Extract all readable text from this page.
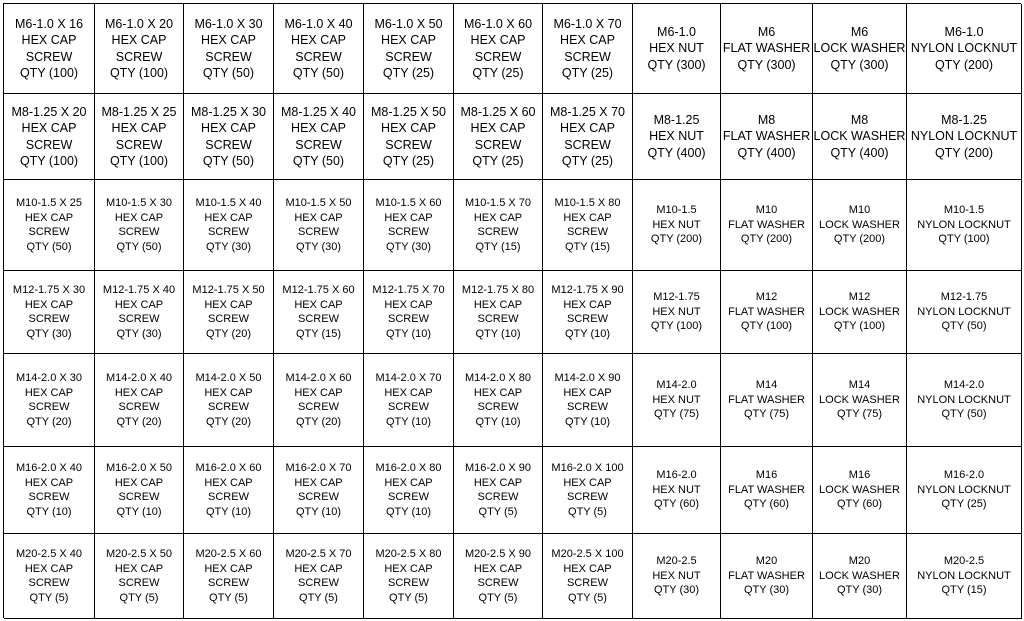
M6-1.0 X 16
HEX CAP
SCREW
QTY (100)
M6-1.0 X 20
HEX CAP
SCREW
QTY (100)
M6-1.0 X 30
HEX CAP
SCREW
QTY (50)
M6-1.0 X 40
HEX CAP
SCREW
QTY (50)
M6-1.0 X 50
HEX CAP
SCREW
QTY (25)
M6-1.0 X 60
HEX CAP
SCREW
QTY (25)
M6-1.0 X 70
HEX CAP
SCREW
QTY (25)
M6-1.0
HEX NUT
QTY (300)
M6
FLAT WASHER
QTY (300)
M6
LOCK WASHER
QTY (300)
M6-1.0
NYLON LOCKNUT
QTY (200)
M8-1.25 X 20
HEX CAP
SCREW
QTY (100)
M8-1.25 X 25
HEX CAP
SCREW
QTY (100)
M8-1.25 X 30
HEX CAP
SCREW
QTY (50)
M8-1.25 X 40
HEX CAP
SCREW
QTY (50)
M8-1.25 X 50
HEX CAP
SCREW
QTY (25)
M8-1.25 X 60
HEX CAP
SCREW
QTY (25)
M8-1.25 X 70
HEX CAP
SCREW
QTY (25)
M8-1.25
HEX NUT
QTY (400)
M8
FLAT WASHER
QTY (400)
M8
LOCK WASHER
QTY (400)
M8-1.25
NYLON LOCKNUT
QTY (200)
M10-1.5 X 25
HEX CAP
SCREW
QTY (50)
M10-1.5 X 30
HEX CAP
SCREW
QTY (50)
M10-1.5 X 40
HEX CAP
SCREW
QTY (30)
M10-1.5 X 50
HEX CAP
SCREW
QTY (30)
M10-1.5 X 60
HEX CAP
SCREW
QTY (30)
M10-1.5 X 70
HEX CAP
SCREW
QTY (15)
M10-1.5 X 80
HEX CAP
SCREW
QTY (15)
M10-1.5
HEX NUT
QTY (200)
M10
FLAT WASHER
QTY (200)
M10
LOCK WASHER
QTY (200)
M10-1.5
NYLON LOCKNUT
QTY (100)
M12-1.75 X 30
HEX CAP
SCREW
QTY (30)
M12-1.75 X 40
HEX CAP
SCREW
QTY (30)
M12-1.75 X 50
HEX CAP
SCREW
QTY (20)
M12-1.75 X 60
HEX CAP
SCREW
QTY (15)
M12-1.75 X 70
HEX CAP
SCREW
QTY (10)
M12-1.75 X 80
HEX CAP
SCREW
QTY (10)
M12-1.75 X 90
HEX CAP
SCREW
QTY (10)
M12-1.75
HEX NUT
QTY (100)
M12
FLAT WASHER
QTY (100)
M12
LOCK WASHER
QTY (100)
M12-1.75
NYLON LOCKNUT
QTY (50)
M14-2.0 X 30
HEX CAP
SCREW
QTY (20)
M14-2.0 X 40
HEX CAP
SCREW
QTY (20)
M14-2.0 X 50
HEX CAP
SCREW
QTY (20)
M14-2.0 X 60
HEX CAP
SCREW
QTY (20)
M14-2.0 X 70
HEX CAP
SCREW
QTY (10)
M14-2.0 X 80
HEX CAP
SCREW
QTY (10)
M14-2.0 X 90
HEX CAP
SCREW
QTY (10)
M14-2.0
HEX NUT
QTY (75)
M14
FLAT WASHER
QTY (75)
M14
LOCK WASHER
QTY (75)
M14-2.0
NYLON LOCKNUT
QTY (50)
M16-2.0 X 40
HEX CAP
SCREW
QTY (10)
M16-2.0 X 50
HEX CAP
SCREW
QTY (10)
M16-2.0 X 60
HEX CAP
SCREW
QTY (10)
M16-2.0 X 70
HEX CAP
SCREW
QTY (10)
M16-2.0 X 80
HEX CAP
SCREW
QTY (10)
M16-2.0 X 90
HEX CAP
SCREW
QTY (5)
M16-2.0 X 100
HEX CAP
SCREW
QTY (5)
M16-2.0
HEX NUT
QTY (60)
M16
FLAT WASHER
QTY (60)
M16
LOCK WASHER
QTY (60)
M16-2.0
NYLON LOCKNUT
QTY (25)
M20-2.5 X 40
HEX CAP
SCREW
QTY (5)
M20-2.5 X 50
HEX CAP
SCREW
QTY (5)
M20-2.5 X 60
HEX CAP
SCREW
QTY (5)
M20-2.5 X 70
HEX CAP
SCREW
QTY (5)
M20-2.5 X 80
HEX CAP
SCREW
QTY (5)
M20-2.5 X 90
HEX CAP
SCREW
QTY (5)
M20-2.5 X 100
HEX CAP
SCREW
QTY (5)
M20-2.5
HEX NUT
QTY (30)
M20
FLAT WASHER
QTY (30)
M20
LOCK WASHER
QTY (30)
M20-2.5
NYLON LOCKNUT
QTY (15)
